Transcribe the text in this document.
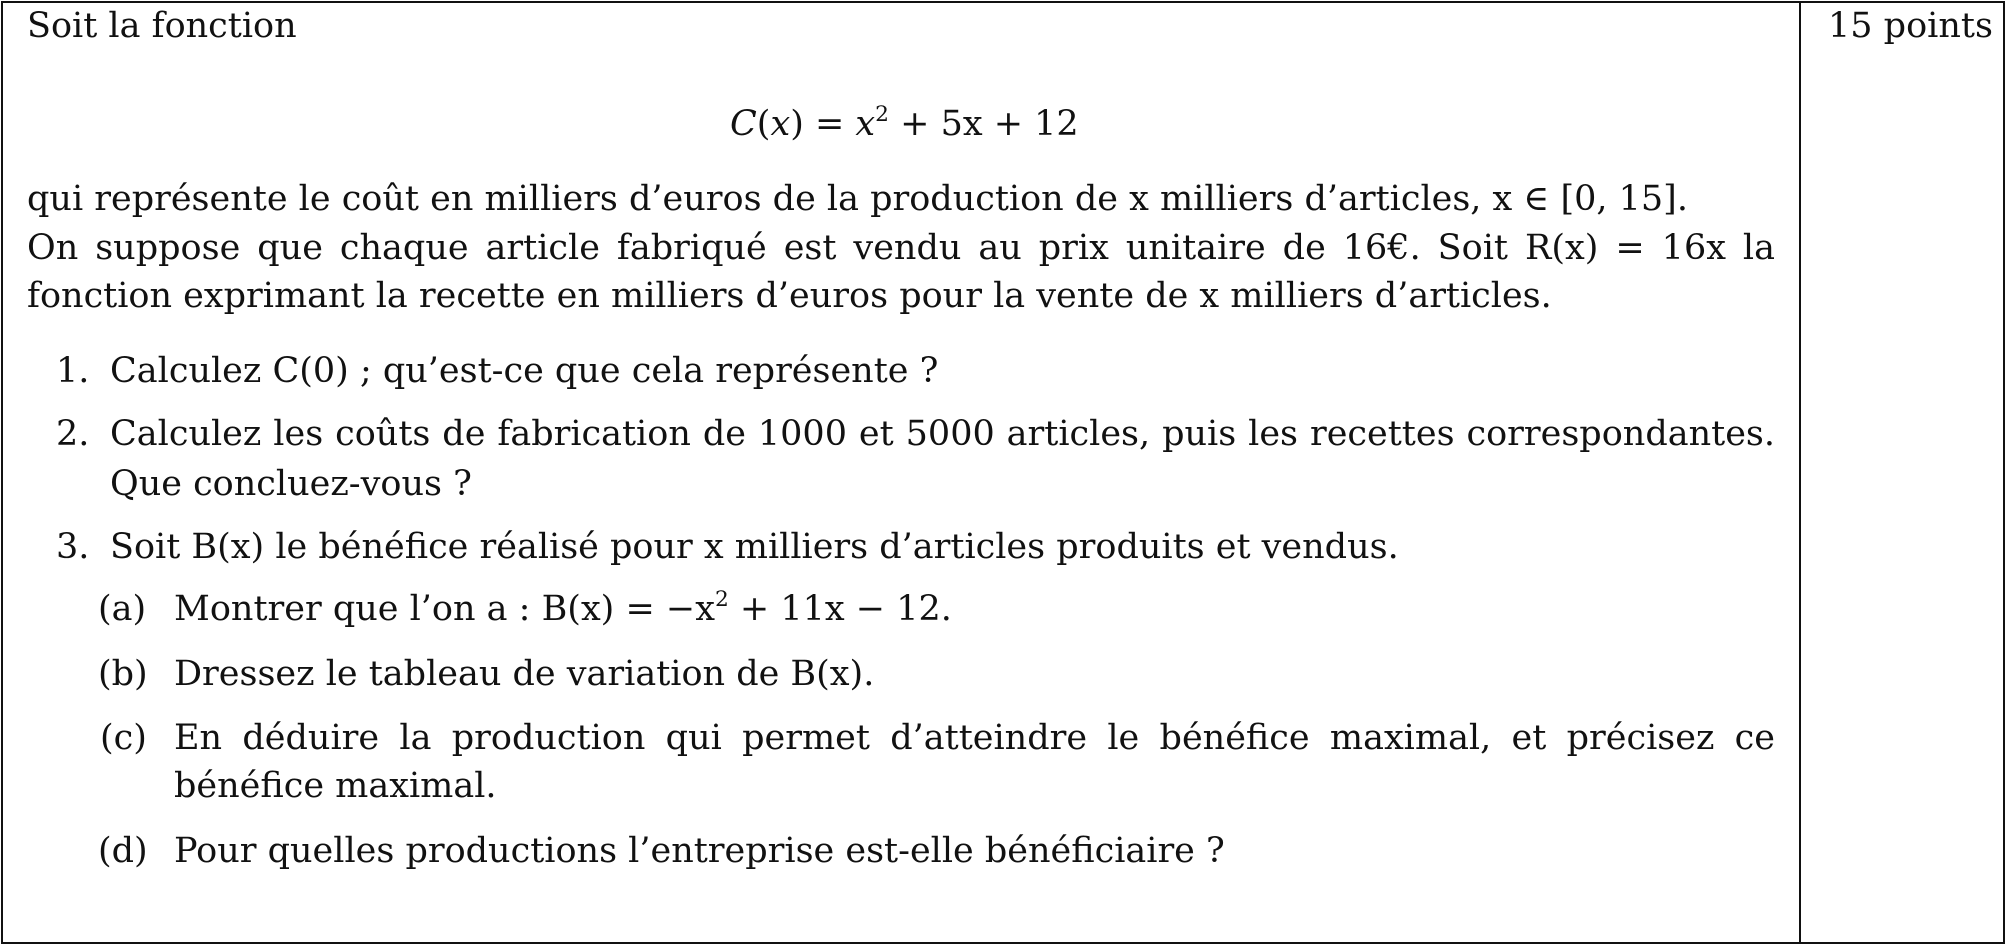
15 points
Soit la fonction
$C(x) = x^2 + 5x + 12$
qui représente le coût en milliers d’euros de la production de x milliers d’articles, x ∈ [0, 15].
On suppose que chaque article fabriqué est vendu au prix unitaire de 16€. Soit R(x) = 16x la
fonction exprimant la recette en milliers d’euros pour la vente de x milliers d’articles.
1. Calculez C(0) ; qu’est-ce que cela représente ?
2. Calculez les coûts de fabrication de 1000 et 5000 articles, puis les recettes correspondantes.
Que concluez-vous ?
3. Soit B(x) le bénéfice réalisé pour x milliers d’articles produits et vendus.
(a) Montrer que l’on a : $B(x) = -x^2 + 11x - 12$.
(b) Dressez le tableau de variation de B(x).
(c) En déduire la production qui permet d’atteindre le bénéfice maximal, et précisez ce
bénéfice maximal.
(d) Pour quelles productions l’entreprise est-elle bénéficiaire ?
